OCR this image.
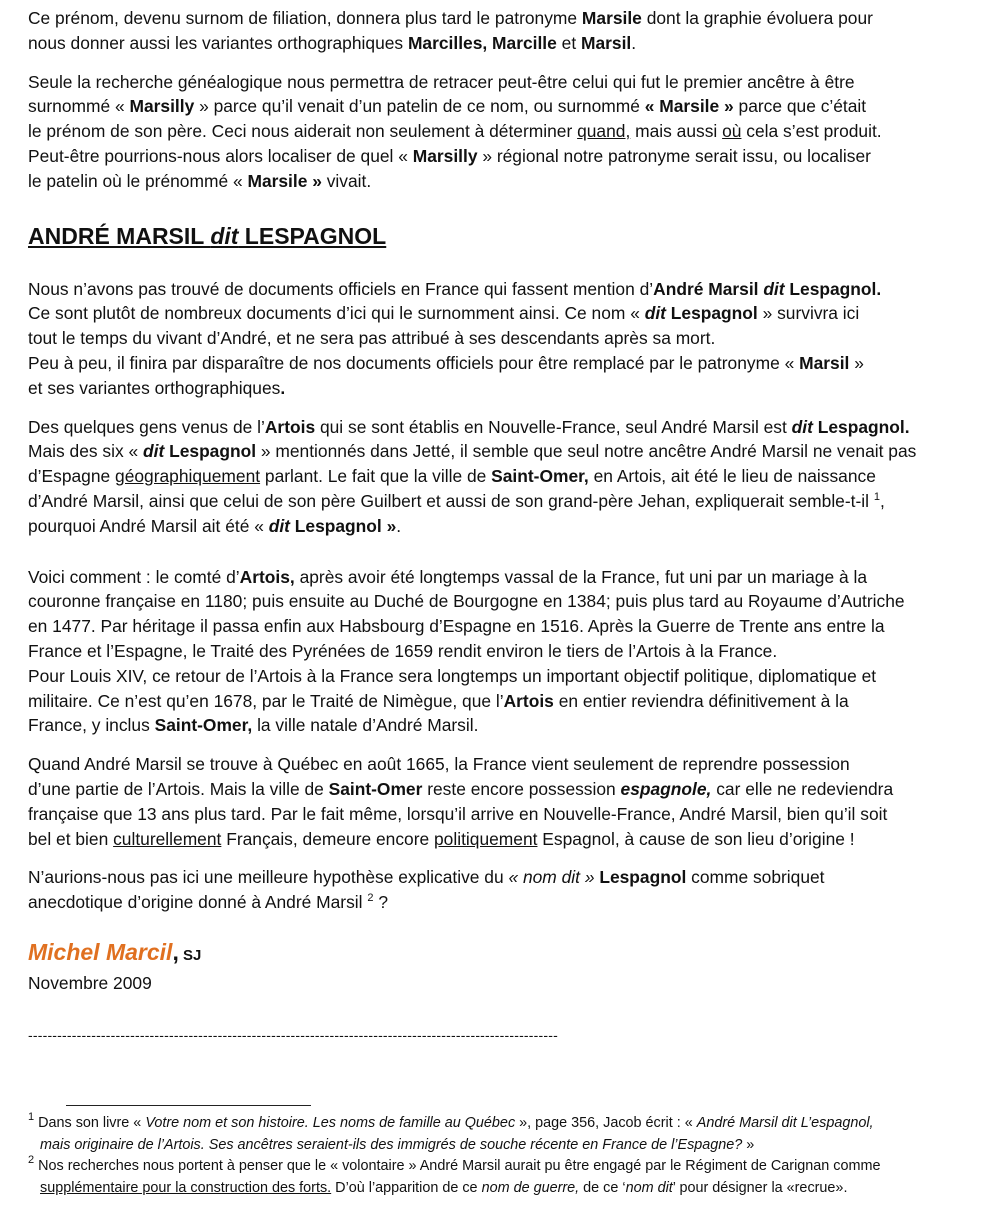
Ce prénom, devenu surnom de filiation, donnera plus tard le patronyme Marsile dont la graphie évoluera pour
nous donner aussi les variantes orthographiques Marcilles, Marcille et Marsil.

Seule la recherche généalogique nous permettra de retracer peut-être celui qui fut le premier ancêtre à être
surnommé « Marsilly » parce qu’il venait d’un patelin de ce nom, ou surnommé « Marsile » parce que c’était
le prénom de son père. Ceci nous aiderait non seulement à déterminer quand, mais aussi où cela s’est produit.
Peut-être pourrions-nous alors localiser de quel « Marsilly » régional notre patronyme serait issu, ou localiser
le patelin où le prénommé « Marsile » vivait.

ANDRÉ MARSIL dit LESPAGNOL

Nous n’avons pas trouvé de documents officiels en France qui fassent mention d’André Marsil dit Lespagnol.
Ce sont plutôt de nombreux documents d’ici qui le surnomment ainsi. Ce nom « dit Lespagnol » survivra ici
tout le temps du vivant d’André, et ne sera pas attribué à ses descendants après sa mort.
Peu à peu, il finira par disparaître de nos documents officiels pour être remplacé par le patronyme « Marsil »
et ses variantes orthographiques.

Des quelques gens venus de l’Artois qui se sont établis en Nouvelle-France, seul André Marsil est dit Lespagnol.
Mais des six « dit Lespagnol » mentionnés dans Jetté, il semble que seul notre ancêtre André Marsil ne venait pas
d’Espagne géographiquement parlant. Le fait que la ville de Saint-Omer, en Artois, ait été le lieu de naissance
d’André Marsil, ainsi que celui de son père Guilbert et aussi de son grand-père Jehan, expliquerait semble-t-il $^1$,
pourquoi André Marsil ait été « dit Lespagnol ».

Voici comment : le comté d’Artois, après avoir été longtemps vassal de la France, fut uni par un mariage à la
couronne française en 1180; puis ensuite au Duché de Bourgogne en 1384; puis plus tard au Royaume d’Autriche
en 1477. Par héritage il passa enfin aux Habsbourg d’Espagne en 1516. Après la Guerre de Trente ans entre la
France et l’Espagne, le Traité des Pyrénées de 1659 rendit environ le tiers de l’Artois à la France.
Pour Louis XIV, ce retour de l’Artois à la France sera longtemps un important objectif politique, diplomatique et
militaire. Ce n’est qu’en 1678, par le Traité de Nimègue, que l’Artois en entier reviendra définitivement à la
France, y inclus Saint-Omer, la ville natale d’André Marsil.

Quand André Marsil se trouve à Québec en août 1665, la France vient seulement de reprendre possession
d’une partie de l’Artois. Mais la ville de Saint-Omer reste encore possession espagnole, car elle ne redeviendra
française que 13 ans plus tard. Par le fait même, lorsqu’il arrive en Nouvelle-France, André Marsil, bien qu’il soit
bel et bien culturellement Français, demeure encore politiquement Espagnol, à cause de son lieu d’origine !

N’aurions-nous pas ici une meilleure hypothèse explicative du « nom dit » Lespagnol comme sobriquet
anecdotique d’origine donné à André Marsil $^2$ ?

Michel Marcil, SJ
Novembre 2009
-------------------------------------------------------------------------------------------------------------
$^1$ Dans son livre « Votre nom et son histoire. Les noms de famille au Québec », page 356, Jacob écrit : « André Marsil dit L’espagnol,
mais originaire de l’Artois. Ses ancêtres seraient-ils des immigrés de souche récente en France de l’Espagne? »
$^2$ Nos recherches nous portent à penser que le « volontaire » André Marsil aurait pu être engagé par le Régiment de Carignan comme
supplémentaire pour la construction des forts. D’où l’apparition de ce nom de guerre, de ce ‘nom dit’ pour désigner la «recrue».
